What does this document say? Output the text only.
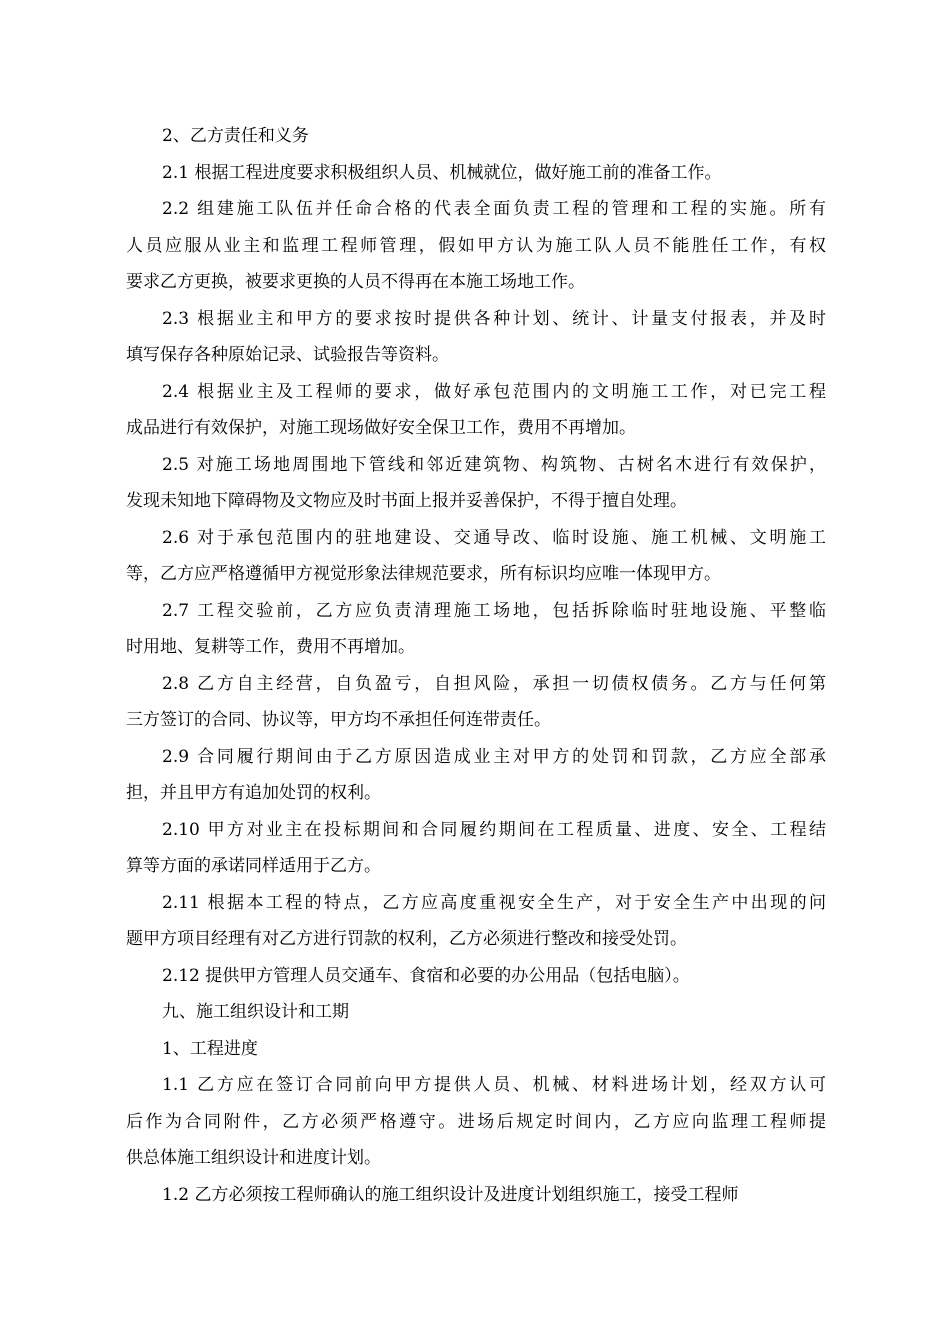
2、乙方责任和义务
2.1 根据工程进度要求积极组织人员、机械就位，做好施工前的准备工作。
2.2 组建施工队伍并任命合格的代表全面负责工程的管理和工程的实施。所有
人员应服从业主和监理工程师管理，假如甲方认为施工队人员不能胜任工作，有权
要求乙方更换，被要求更换的人员不得再在本施工场地工作。
2.3 根据业主和甲方的要求按时提供各种计划、统计、计量支付报表，并及时
填写保存各种原始记录、试验报告等资料。
2.4 根据业主及工程师的要求，做好承包范围内的文明施工工作，对已完工程
成品进行有效保护，对施工现场做好安全保卫工作，费用不再增加。
2.5 对施工场地周围地下管线和邻近建筑物、构筑物、古树名木进行有效保护，
发现未知地下障碍物及文物应及时书面上报并妥善保护，不得于擅自处理。
2.6 对于承包范围内的驻地建设、交通导改、临时设施、施工机械、文明施工
等，乙方应严格遵循甲方视觉形象法律规范要求，所有标识均应唯一体现甲方。
2.7 工程交验前，乙方应负责清理施工场地，包括拆除临时驻地设施、平整临
时用地、复耕等工作，费用不再增加。
2.8 乙方自主经营，自负盈亏，自担风险，承担一切债权债务。乙方与任何第
三方签订的合同、协议等，甲方均不承担任何连带责任。
2.9 合同履行期间由于乙方原因造成业主对甲方的处罚和罚款，乙方应全部承
担，并且甲方有追加处罚的权利。
2.10 甲方对业主在投标期间和合同履约期间在工程质量、进度、安全、工程结
算等方面的承诺同样适用于乙方。
2.11 根据本工程的特点，乙方应高度重视安全生产，对于安全生产中出现的问
题甲方项目经理有对乙方进行罚款的权利，乙方必须进行整改和接受处罚。
2.12 提供甲方管理人员交通车、食宿和必要的办公用品（包括电脑）。
九、施工组织设计和工期
1、工程进度
1.1 乙方应在签订合同前向甲方提供人员、机械、材料进场计划，经双方认可
后作为合同附件，乙方必须严格遵守。进场后规定时间内，乙方应向监理工程师提
供总体施工组织设计和进度计划。
1.2 乙方必须按工程师确认的施工组织设计及进度计划组织施工，接受工程师
